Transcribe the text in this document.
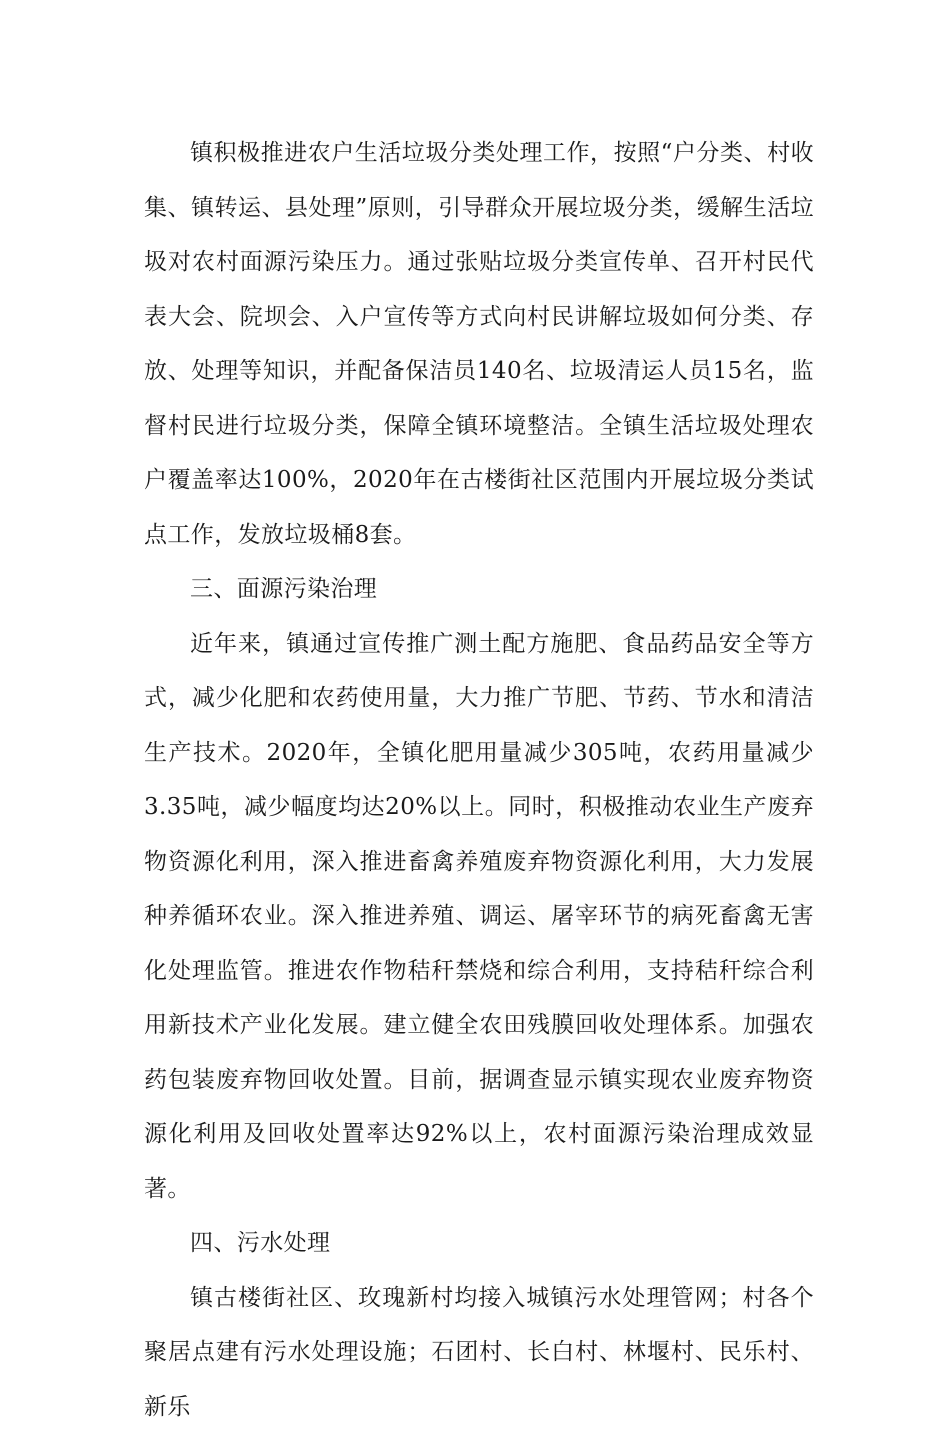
镇积极推进农户生活垃圾分类处理工作，按照“户分类、村收集、镇转运、县处理”原则，引导群众开展垃圾分类，缓解生活垃圾对农村面源污染压力。通过张贴垃圾分类宣传单、召开村民代表大会、院坝会、入户宣传等方式向村民讲解垃圾如何分类、存放、处理等知识，并配备保洁员140名、垃圾清运人员15名，监督村民进行垃圾分类，保障全镇环境整洁。全镇生活垃圾处理农户覆盖率达100%，2020年在古楼街社区范围内开展垃圾分类试点工作，发放垃圾桶8套。

三、面源污染治理

近年来，镇通过宣传推广测土配方施肥、食品药品安全等方式，减少化肥和农药使用量，大力推广节肥、节药、节水和清洁生产技术。2020年，全镇化肥用量减少305吨，农药用量减少3.35吨，减少幅度均达20%以上。同时，积极推动农业生产废弃物资源化利用，深入推进畜禽养殖废弃物资源化利用，大力发展种养循环农业。深入推进养殖、调运、屠宰环节的病死畜禽无害化处理监管。推进农作物秸秆禁烧和综合利用，支持秸秆综合利用新技术产业化发展。建立健全农田残膜回收处理体系。加强农药包装废弃物回收处置。目前，据调查显示镇实现农业废弃物资源化利用及回收处置率达92%以上，农村面源污染治理成效显著。

四、污水处理

镇古楼街社区、玫瑰新村均接入城镇污水处理管网；村各个聚居点建有污水处理设施；石团村、长白村、林堰村、民乐村、新乐
